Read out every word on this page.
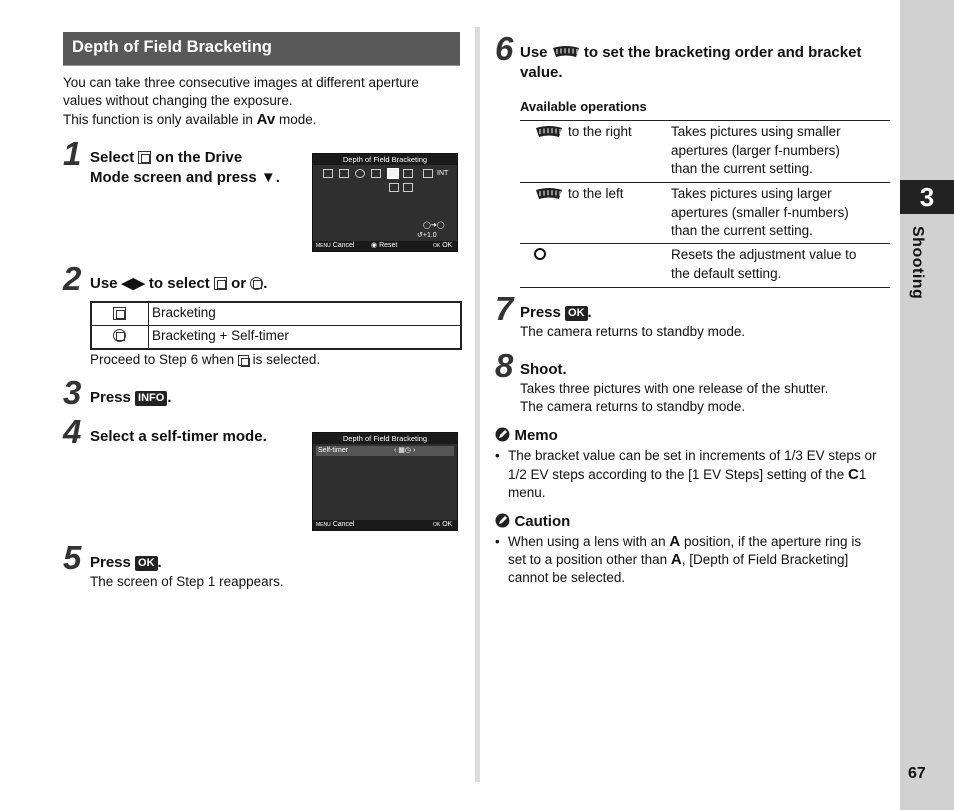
Depth of Field Bracketing
You can take three consecutive images at different aperture
values without changing the exposure.
This function is only available in Av mode.
1 Select on the Drive
Mode screen and press ▼.
Depth of Field Bracketing
INT
◯➜◯
↺+1.0
MENU Cancel ◉ Reset	OK OK
2 Use ◀▶ to select or .
Bracketing
Bracketing + Self-timer
Proceed to Step 6 when is selected.
3 Press INFO .
4 Select a self-timer mode.	Depth of Field Bracketing
Self-timer	‹ ▦◷ ›
MENU Cancel	OK OK
5 Press OK .
The screen of Step 1 reappears.
6 Use to set the bracketing order and bracket
value.
Available operations
to the right	Takes pictures using smaller
apertures (larger f-numbers)
than the current setting.
to the left	Takes pictures using larger
apertures (smaller f-numbers)
than the current setting.
Resets the adjustment value to
the default setting.
7 Press OK .
The camera returns to standby mode.
8 Shoot.
Takes three pictures with one release of the shutter.
The camera returns to standby mode.
Memo
• The bracket value can be set in increments of 1/3 EV steps or
1/2 EV steps according to the [1 EV Steps] setting of the C1
menu.
Caution
• When using a lens with an A position, if the aperture ring is
set to a position other than A, [Depth of Field Bracketing]
cannot be selected.
3
Shooting
67
